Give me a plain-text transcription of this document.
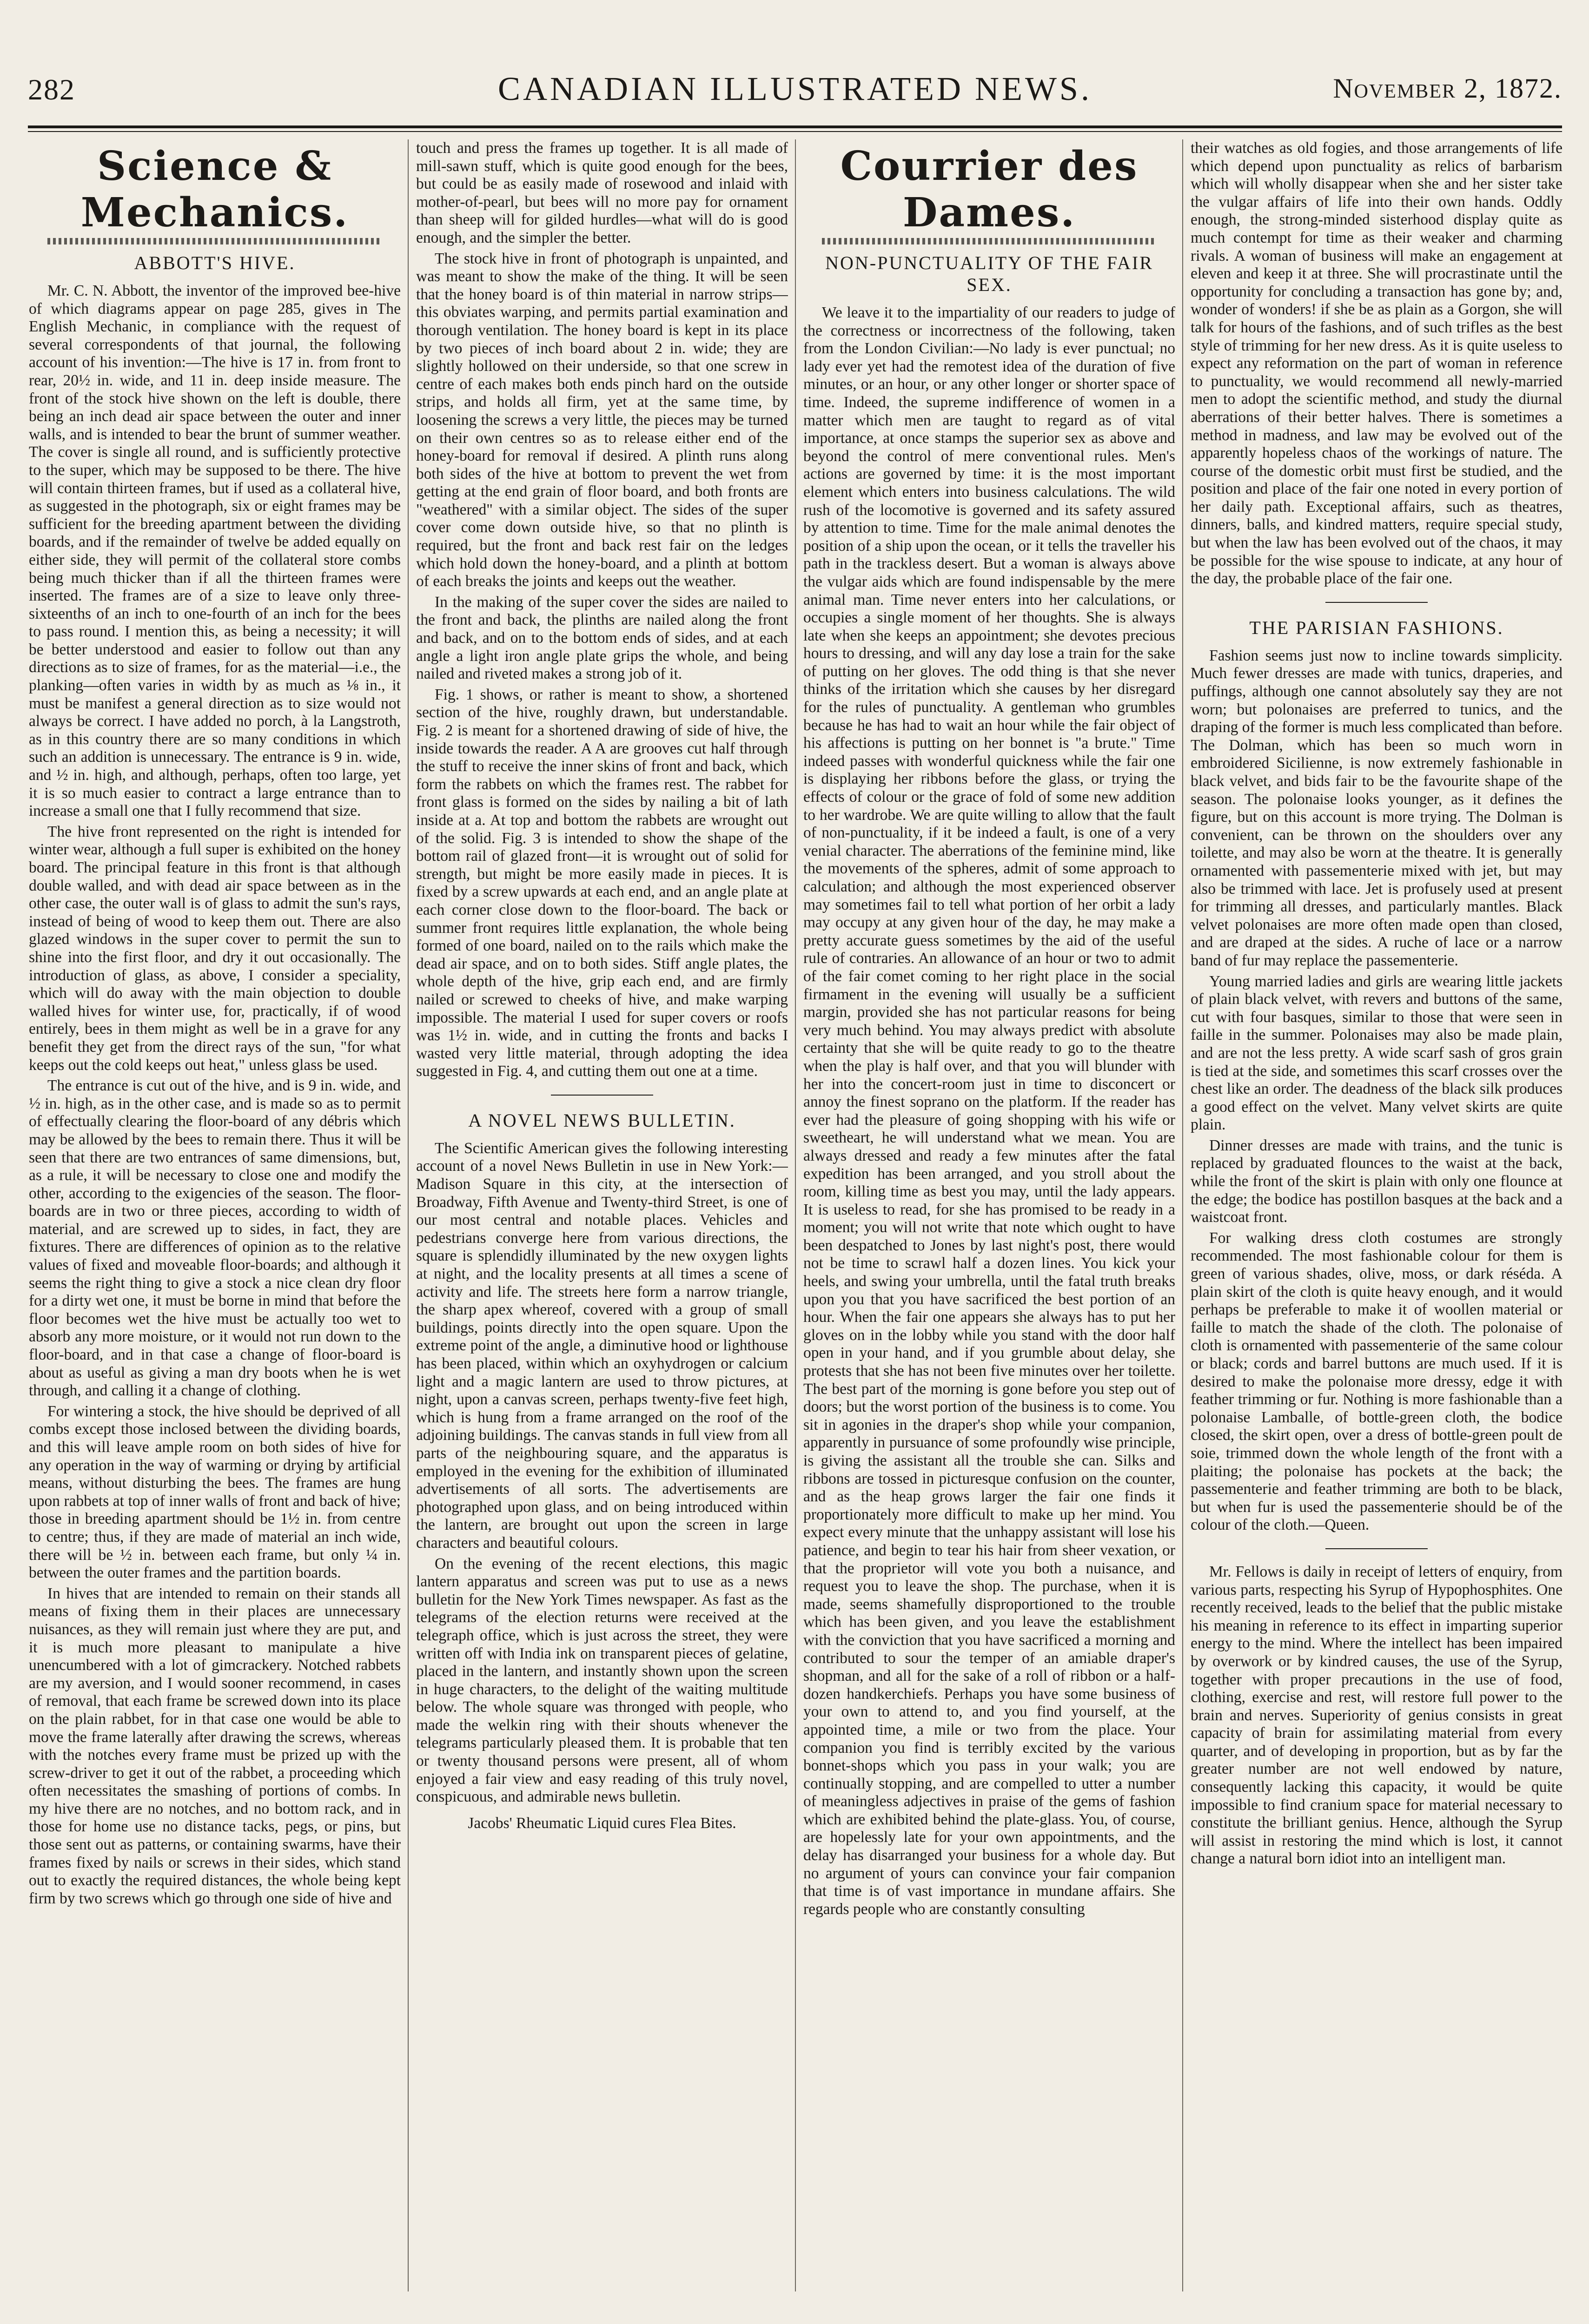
282	CANADIAN ILLUSTRATED NEWS.	November 2, 1872.
Science & Mechanics.
ABBOTT'S HIVE.

Mr. C. N. Abbott, the inventor of the improved bee-hive of which diagrams appear on page 285, gives in The English Mechanic, in compliance with the request of several correspondents of that journal, the following account of his invention:—The hive is 17 in. from front to rear, 20½ in. wide, and 11 in. deep inside measure. The front of the stock hive shown on the left is double, there being an inch dead air space between the outer and inner walls, and is intended to bear the brunt of summer weather. The cover is single all round, and is sufficiently protective to the super, which may be supposed to be there. The hive will contain thirteen frames, but if used as a collateral hive, as suggested in the photograph, six or eight frames may be sufficient for the breeding apartment between the dividing boards, and if the remainder of twelve be added equally on either side, they will permit of the collateral store combs being much thicker than if all the thirteen frames were inserted. The frames are of a size to leave only three-sixteenths of an inch to one-fourth of an inch for the bees to pass round. I mention this, as being a necessity; it will be better understood and easier to follow out than any directions as to size of frames, for as the material—i.e., the planking—often varies in width by as much as ⅛ in., it must be manifest a general direction as to size would not always be correct. I have added no porch, à la Langstroth, as in this country there are so many conditions in which such an addition is unnecessary. The entrance is 9 in. wide, and ½ in. high, and although, perhaps, often too large, yet it is so much easier to contract a large entrance than to increase a small one that I fully recommend that size.

The hive front represented on the right is intended for winter wear, although a full super is exhibited on the honey board. The principal feature in this front is that although double walled, and with dead air space between as in the other case, the outer wall is of glass to admit the sun's rays, instead of being of wood to keep them out. There are also glazed windows in the super cover to permit the sun to shine into the first floor, and dry it out occasionally. The introduction of glass, as above, I consider a speciality, which will do away with the main objection to double walled hives for winter use, for, practically, if of wood entirely, bees in them might as well be in a grave for any benefit they get from the direct rays of the sun, "for what keeps out the cold keeps out heat," unless glass be used.

The entrance is cut out of the hive, and is 9 in. wide, and ½ in. high, as in the other case, and is made so as to permit of effectually clearing the floor-board of any débris which may be allowed by the bees to remain there. Thus it will be seen that there are two entrances of same dimensions, but, as a rule, it will be necessary to close one and modify the other, according to the exigencies of the season. The floor-boards are in two or three pieces, according to width of material, and are screwed up to sides, in fact, they are fixtures. There are differences of opinion as to the relative values of fixed and moveable floor-boards; and although it seems the right thing to give a stock a nice clean dry floor for a dirty wet one, it must be borne in mind that before the floor becomes wet the hive must be actually too wet to absorb any more moisture, or it would not run down to the floor-board, and in that case a change of floor-board is about as useful as giving a man dry boots when he is wet through, and calling it a change of clothing.

For wintering a stock, the hive should be deprived of all combs except those inclosed between the dividing boards, and this will leave ample room on both sides of hive for any operation in the way of warming or drying by artificial means, without disturbing the bees. The frames are hung upon rabbets at top of inner walls of front and back of hive; those in breeding apartment should be 1½ in. from centre to centre; thus, if they are made of material an inch wide, there will be ½ in. between each frame, but only ¼ in. between the outer frames and the partition boards.

In hives that are intended to remain on their stands all means of fixing them in their places are unnecessary nuisances, as they will remain just where they are put, and it is much more pleasant to manipulate a hive unencumbered with a lot of gimcrackery. Notched rabbets are my aversion, and I would sooner recommend, in cases of removal, that each frame be screwed down into its place on the plain rabbet, for in that case one would be able to move the frame laterally after drawing the screws, whereas with the notches every frame must be prized up with the screw-driver to get it out of the rabbet, a proceeding which often necessitates the smashing of portions of combs. In my hive there are no notches, and no bottom rack, and in those for home use no distance tacks, pegs, or pins, but those sent out as patterns, or containing swarms, have their frames fixed by nails or screws in their sides, which stand out to exactly the required distances, the whole being kept firm by two screws which go through one side of hive and

touch and press the frames up together. It is all made of mill-sawn stuff, which is quite good enough for the bees, but could be as easily made of rosewood and inlaid with mother-of-pearl, but bees will no more pay for ornament than sheep will for gilded hurdles—what will do is good enough, and the simpler the better.

The stock hive in front of photograph is unpainted, and was meant to show the make of the thing. It will be seen that the honey board is of thin material in narrow strips—this obviates warping, and permits partial examination and thorough ventilation. The honey board is kept in its place by two pieces of inch board about 2 in. wide; they are slightly hollowed on their underside, so that one screw in centre of each makes both ends pinch hard on the outside strips, and holds all firm, yet at the same time, by loosening the screws a very little, the pieces may be turned on their own centres so as to release either end of the honey-board for removal if desired. A plinth runs along both sides of the hive at bottom to prevent the wet from getting at the end grain of floor board, and both fronts are "weathered" with a similar object. The sides of the super cover come down outside hive, so that no plinth is required, but the front and back rest fair on the ledges which hold down the honey-board, and a plinth at bottom of each breaks the joints and keeps out the weather.

In the making of the super cover the sides are nailed to the front and back, the plinths are nailed along the front and back, and on to the bottom ends of sides, and at each angle a light iron angle plate grips the whole, and being nailed and riveted makes a strong job of it.

Fig. 1 shows, or rather is meant to show, a shortened section of the hive, roughly drawn, but understandable. Fig. 2 is meant for a shortened drawing of side of hive, the inside towards the reader. A A are grooves cut half through the stuff to receive the inner skins of front and back, which form the rabbets on which the frames rest. The rabbet for front glass is formed on the sides by nailing a bit of lath inside at a. At top and bottom the rabbets are wrought out of the solid. Fig. 3 is intended to show the shape of the bottom rail of glazed front—it is wrought out of solid for strength, but might be more easily made in pieces. It is fixed by a screw upwards at each end, and an angle plate at each corner close down to the floor-board. The back or summer front requires little explanation, the whole being formed of one board, nailed on to the rails which make the dead air space, and on to both sides. Stiff angle plates, the whole depth of the hive, grip each end, and are firmly nailed or screwed to cheeks of hive, and make warping impossible. The material I used for super covers or roofs was 1½ in. wide, and in cutting the fronts and backs I wasted very little material, through adopting the idea suggested in Fig. 4, and cutting them out one at a time.

A NOVEL NEWS BULLETIN.

The Scientific American gives the following interesting account of a novel News Bulletin in use in New York:—Madison Square in this city, at the intersection of Broadway, Fifth Avenue and Twenty-third Street, is one of our most central and notable places. Vehicles and pedestrians converge here from various directions, the square is splendidly illuminated by the new oxygen lights at night, and the locality presents at all times a scene of activity and life. The streets here form a narrow triangle, the sharp apex whereof, covered with a group of small buildings, points directly into the open square. Upon the extreme point of the angle, a diminutive hood or lighthouse has been placed, within which an oxyhydrogen or calcium light and a magic lantern are used to throw pictures, at night, upon a canvas screen, perhaps twenty-five feet high, which is hung from a frame arranged on the roof of the adjoining buildings. The canvas stands in full view from all parts of the neighbouring square, and the apparatus is employed in the evening for the exhibition of illuminated advertisements of all sorts. The advertisements are photographed upon glass, and on being introduced within the lantern, are brought out upon the screen in large characters and beautiful colours.

On the evening of the recent elections, this magic lantern apparatus and screen was put to use as a news bulletin for the New York Times newspaper. As fast as the telegrams of the election returns were received at the telegraph office, which is just across the street, they were written off with India ink on transparent pieces of gelatine, placed in the lantern, and instantly shown upon the screen in huge characters, to the delight of the waiting multitude below. The whole square was thronged with people, who made the welkin ring with their shouts whenever the telegrams particularly pleased them. It is probable that ten or twenty thousand persons were present, all of whom enjoyed a fair view and easy reading of this truly novel, conspicuous, and admirable news bulletin.

Jacobs' Rheumatic Liquid cures Flea Bites.

Courrier des Dames.
NON-PUNCTUALITY OF THE FAIR SEX.

We leave it to the impartiality of our readers to judge of the correctness or incorrectness of the following, taken from the London Civilian:—No lady is ever punctual; no lady ever yet had the remotest idea of the duration of five minutes, or an hour, or any other longer or shorter space of time. Indeed, the supreme indifference of women in a matter which men are taught to regard as of vital importance, at once stamps the superior sex as above and beyond the control of mere conventional rules. Men's actions are governed by time: it is the most important element which enters into business calculations. The wild rush of the locomotive is governed and its safety assured by attention to time. Time for the male animal denotes the position of a ship upon the ocean, or it tells the traveller his path in the trackless desert. But a woman is always above the vulgar aids which are found indispensable by the mere animal man. Time never enters into her calculations, or occupies a single moment of her thoughts. She is always late when she keeps an appointment; she devotes precious hours to dressing, and will any day lose a train for the sake of putting on her gloves. The odd thing is that she never thinks of the irritation which she causes by her disregard for the rules of punctuality. A gentleman who grumbles because he has had to wait an hour while the fair object of his affections is putting on her bonnet is "a brute." Time indeed passes with wonderful quickness while the fair one is displaying her ribbons before the glass, or trying the effects of colour or the grace of fold of some new addition to her wardrobe. We are quite willing to allow that the fault of non-punctuality, if it be indeed a fault, is one of a very venial character. The aberrations of the feminine mind, like the movements of the spheres, admit of some approach to calculation; and although the most experienced observer may sometimes fail to tell what portion of her orbit a lady may occupy at any given hour of the day, he may make a pretty accurate guess sometimes by the aid of the useful rule of contraries. An allowance of an hour or two to admit of the fair comet coming to her right place in the social firmament in the evening will usually be a sufficient margin, provided she has not particular reasons for being very much behind. You may always predict with absolute certainty that she will be quite ready to go to the theatre when the play is half over, and that you will blunder with her into the concert-room just in time to disconcert or annoy the finest soprano on the platform. If the reader has ever had the pleasure of going shopping with his wife or sweetheart, he will understand what we mean. You are always dressed and ready a few minutes after the fatal expedition has been arranged, and you stroll about the room, killing time as best you may, until the lady appears. It is useless to read, for she has promised to be ready in a moment; you will not write that note which ought to have been despatched to Jones by last night's post, there would not be time to scrawl half a dozen lines. You kick your heels, and swing your umbrella, until the fatal truth breaks upon you that you have sacrificed the best portion of an hour. When the fair one appears she always has to put her gloves on in the lobby while you stand with the door half open in your hand, and if you grumble about delay, she protests that she has not been five minutes over her toilette. The best part of the morning is gone before you step out of doors; but the worst portion of the business is to come. You sit in agonies in the draper's shop while your companion, apparently in pursuance of some profoundly wise principle, is giving the assistant all the trouble she can. Silks and ribbons are tossed in picturesque confusion on the counter, and as the heap grows larger the fair one finds it proportionately more difficult to make up her mind. You expect every minute that the unhappy assistant will lose his patience, and begin to tear his hair from sheer vexation, or that the proprietor will vote you both a nuisance, and request you to leave the shop. The purchase, when it is made, seems shamefully disproportioned to the trouble which has been given, and you leave the establishment with the conviction that you have sacrificed a morning and contributed to sour the temper of an amiable draper's shopman, and all for the sake of a roll of ribbon or a half-dozen handkerchiefs. Perhaps you have some business of your own to attend to, and you find yourself, at the appointed time, a mile or two from the place. Your companion you find is terribly excited by the various bonnet-shops which you pass in your walk; you are continually stopping, and are compelled to utter a number of meaningless adjectives in praise of the gems of fashion which are exhibited behind the plate-glass. You, of course, are hopelessly late for your own appointments, and the delay has disarranged your business for a whole day. But no argument of yours can convince your fair companion that time is of vast importance in mundane affairs. She regards people who are constantly consulting

their watches as old fogies, and those arrangements of life which depend upon punctuality as relics of barbarism which will wholly disappear when she and her sister take the vulgar affairs of life into their own hands. Oddly enough, the strong-minded sisterhood display quite as much contempt for time as their weaker and charming rivals. A woman of business will make an engagement at eleven and keep it at three. She will procrastinate until the opportunity for concluding a transaction has gone by; and, wonder of wonders! if she be as plain as a Gorgon, she will talk for hours of the fashions, and of such trifles as the best style of trimming for her new dress. As it is quite useless to expect any reformation on the part of woman in reference to punctuality, we would recommend all newly-married men to adopt the scientific method, and study the diurnal aberrations of their better halves. There is sometimes a method in madness, and law may be evolved out of the apparently hopeless chaos of the workings of nature. The course of the domestic orbit must first be studied, and the position and place of the fair one noted in every portion of her daily path. Exceptional affairs, such as theatres, dinners, balls, and kindred matters, require special study, but when the law has been evolved out of the chaos, it may be possible for the wise spouse to indicate, at any hour of the day, the probable place of the fair one.

THE PARISIAN FASHIONS.

Fashion seems just now to incline towards simplicity. Much fewer dresses are made with tunics, draperies, and puffings, although one cannot absolutely say they are not worn; but polonaises are preferred to tunics, and the draping of the former is much less complicated than before. The Dolman, which has been so much worn in embroidered Sicilienne, is now extremely fashionable in black velvet, and bids fair to be the favourite shape of the season. The polonaise looks younger, as it defines the figure, but on this account is more trying. The Dolman is convenient, can be thrown on the shoulders over any toilette, and may also be worn at the theatre. It is generally ornamented with passementerie mixed with jet, but may also be trimmed with lace. Jet is profusely used at present for trimming all dresses, and particularly mantles. Black velvet polonaises are more often made open than closed, and are draped at the sides. A ruche of lace or a narrow band of fur may replace the passementerie.

Young married ladies and girls are wearing little jackets of plain black velvet, with revers and buttons of the same, cut with four basques, similar to those that were seen in faille in the summer. Polonaises may also be made plain, and are not the less pretty. A wide scarf sash of gros grain is tied at the side, and sometimes this scarf crosses over the chest like an order. The deadness of the black silk produces a good effect on the velvet. Many velvet skirts are quite plain.

Dinner dresses are made with trains, and the tunic is replaced by graduated flounces to the waist at the back, while the front of the skirt is plain with only one flounce at the edge; the bodice has postillon basques at the back and a waistcoat front.

For walking dress cloth costumes are strongly recommended. The most fashionable colour for them is green of various shades, olive, moss, or dark réséda. A plain skirt of the cloth is quite heavy enough, and it would perhaps be preferable to make it of woollen material or faille to match the shade of the cloth. The polonaise of cloth is ornamented with passementerie of the same colour or black; cords and barrel buttons are much used. If it is desired to make the polonaise more dressy, edge it with feather trimming or fur. Nothing is more fashionable than a polonaise Lamballe, of bottle-green cloth, the bodice closed, the skirt open, over a dress of bottle-green poult de soie, trimmed down the whole length of the front with a plaiting; the polonaise has pockets at the back; the passementerie and feather trimming are both to be black, but when fur is used the passementerie should be of the colour of the cloth.—Queen.

Mr. Fellows is daily in receipt of letters of enquiry, from various parts, respecting his Syrup of Hypophosphites. One recently received, leads to the belief that the public mistake his meaning in reference to its effect in imparting superior energy to the mind. Where the intellect has been impaired by overwork or by kindred causes, the use of the Syrup, together with proper precautions in the use of food, clothing, exercise and rest, will restore full power to the brain and nerves. Superiority of genius consists in great capacity of brain for assimilating material from every quarter, and of developing in proportion, but as by far the greater number are not well endowed by nature, consequently lacking this capacity, it would be quite impossible to find cranium space for material necessary to constitute the brilliant genius. Hence, although the Syrup will assist in restoring the mind which is lost, it cannot change a natural born idiot into an intelligent man.
